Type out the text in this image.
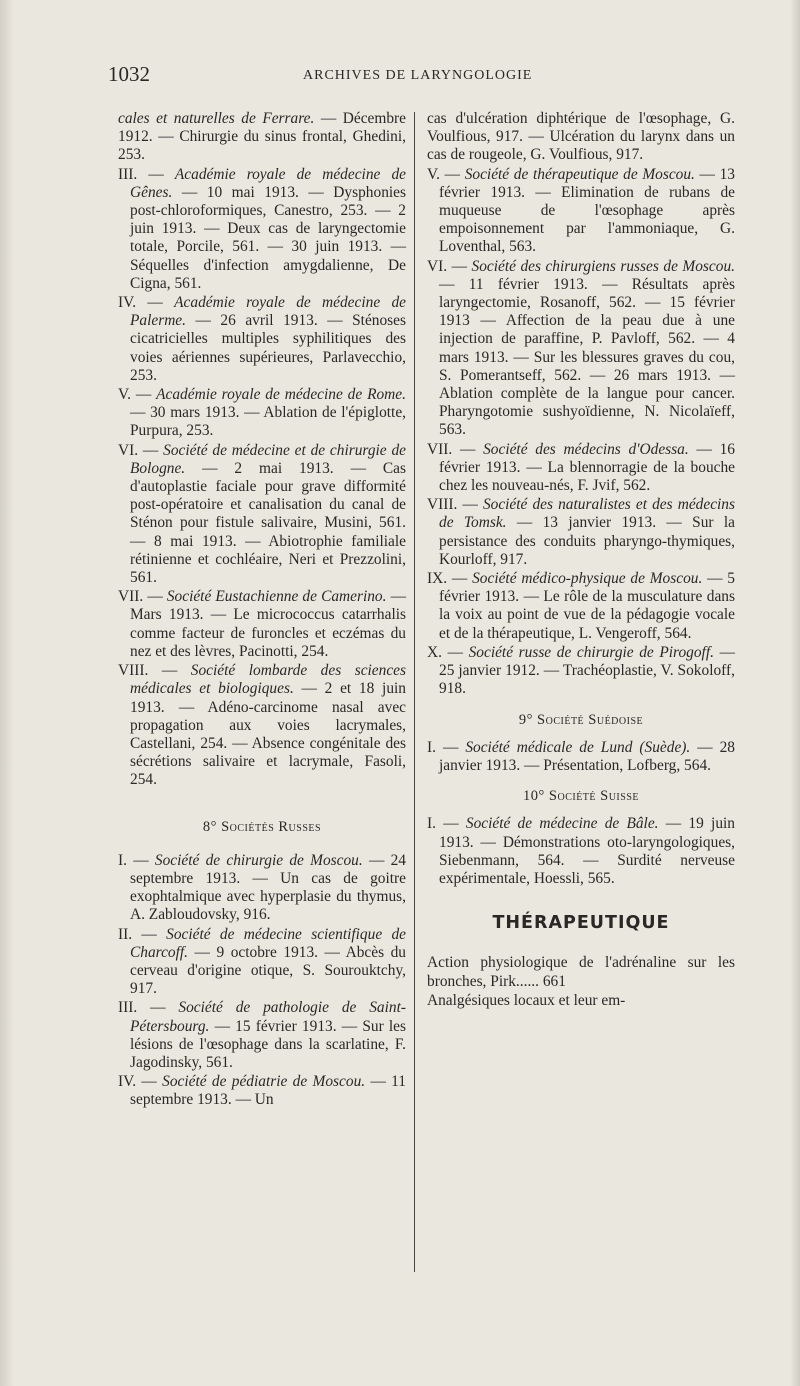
1032	ARCHIVES DE LARYNGOLOGIE

cales et naturelles de Ferrare. — Décembre 1912. — Chirurgie du sinus frontal, Ghedini, 253.

III. — Académie royale de médecine de Gênes. — 10 mai 1913. — Dysphonies post-chloroformiques, Canestro, 253. — 2 juin 1913. — Deux cas de laryngectomie totale, Porcile, 561. — 30 juin 1913. — Séquelles d'infection amygdalienne, De Cigna, 561.

IV. — Académie royale de médecine de Palerme. — 26 avril 1913. — Sténoses cicatricielles multiples syphilitiques des voies aériennes supérieures, Parlavecchio, 253.

V. — Académie royale de médecine de Rome. — 30 mars 1913. — Ablation de l'épiglotte, Purpura, 253.

VI. — Société de médecine et de chirurgie de Bologne. — 2 mai 1913. — Cas d'autoplastie faciale pour grave difformité post-opératoire et canalisation du canal de Sténon pour fistule salivaire, Musini, 561. — 8 mai 1913. — Abiotrophie familiale rétinienne et cochléaire, Neri et Prezzolini, 561.

VII. — Société Eustachienne de Camerino. — Mars 1913. — Le micrococcus catarrhalis comme facteur de furoncles et eczémas du nez et des lèvres, Pacinotti, 254.

VIII. — Société lombarde des sciences médicales et biologiques. — 2 et 18 juin 1913. — Adéno-carcinome nasal avec propagation aux voies lacrymales, Castellani, 254. — Absence congénitale des sécrétions salivaire et lacrymale, Fasoli, 254.

8° Sociétés Russes

I. — Société de chirurgie de Moscou. — 24 septembre 1913. — Un cas de goitre exophtalmique avec hyperplasie du thymus, A. Zabloudovsky, 916.

II. — Société de médecine scientifique de Charcoff. — 9 octobre 1913. — Abcès du cerveau d'origine otique, S. Sourouktchy, 917.

III. — Société de pathologie de Saint-Pétersbourg. — 15 février 1913. — Sur les lésions de l'œsophage dans la scarlatine, F. Jagodinsky, 561.

IV. — Société de pédiatrie de Moscou. — 11 septembre 1913. — Un

cas d'ulcération diphtérique de l'œsophage, G. Voulfious, 917. — Ulcération du larynx dans un cas de rougeole, G. Voulfious, 917.

V. — Société de thérapeutique de Moscou. — 13 février 1913. — Elimination de rubans de muqueuse de l'œsophage après empoisonnement par l'ammoniaque, G. Loventhal, 563.

VI. — Société des chirurgiens russes de Moscou. — 11 février 1913. — Résultats après laryngectomie, Rosanoff, 562. — 15 février 1913 — Affection de la peau due à une injection de paraffine, P. Pavloff, 562. — 4 mars 1913. — Sur les blessures graves du cou, S. Pomerantseff, 562. — 26 mars 1913. — Ablation complète de la langue pour cancer. Pharyngotomie sushyoïdienne, N. Nicolaïeff, 563.

VII. — Société des médecins d'Odessa. — 16 février 1913. — La blennorragie de la bouche chez les nouveau-nés, F. Jvif, 562.

VIII. — Société des naturalistes et des médecins de Tomsk. — 13 janvier 1913. — Sur la persistance des conduits pharyngo-thymiques, Kourloff, 917.

IX. — Société médico-physique de Moscou. — 5 février 1913. — Le rôle de la musculature dans la voix au point de vue de la pédagogie vocale et de la thérapeutique, L. Vengeroff, 564.

X. — Société russe de chirurgie de Pirogoff. — 25 janvier 1912. — Trachéoplastie, V. Sokoloff, 918.

9° Société Suédoise

I. — Société médicale de Lund (Suède). — 28 janvier 1913. — Présentation, Lofberg, 564.

10° Société Suisse

I. — Société de médecine de Bâle. — 19 juin 1913. — Démonstrations oto-laryngologiques, Siebenmann, 564. — Surdité nerveuse expérimentale, Hoessli, 565.

THÉRAPEUTIQUE

Action physiologique de l'adrénaline sur les bronches, Pirk...... 661

Analgésiques locaux et leur em-
